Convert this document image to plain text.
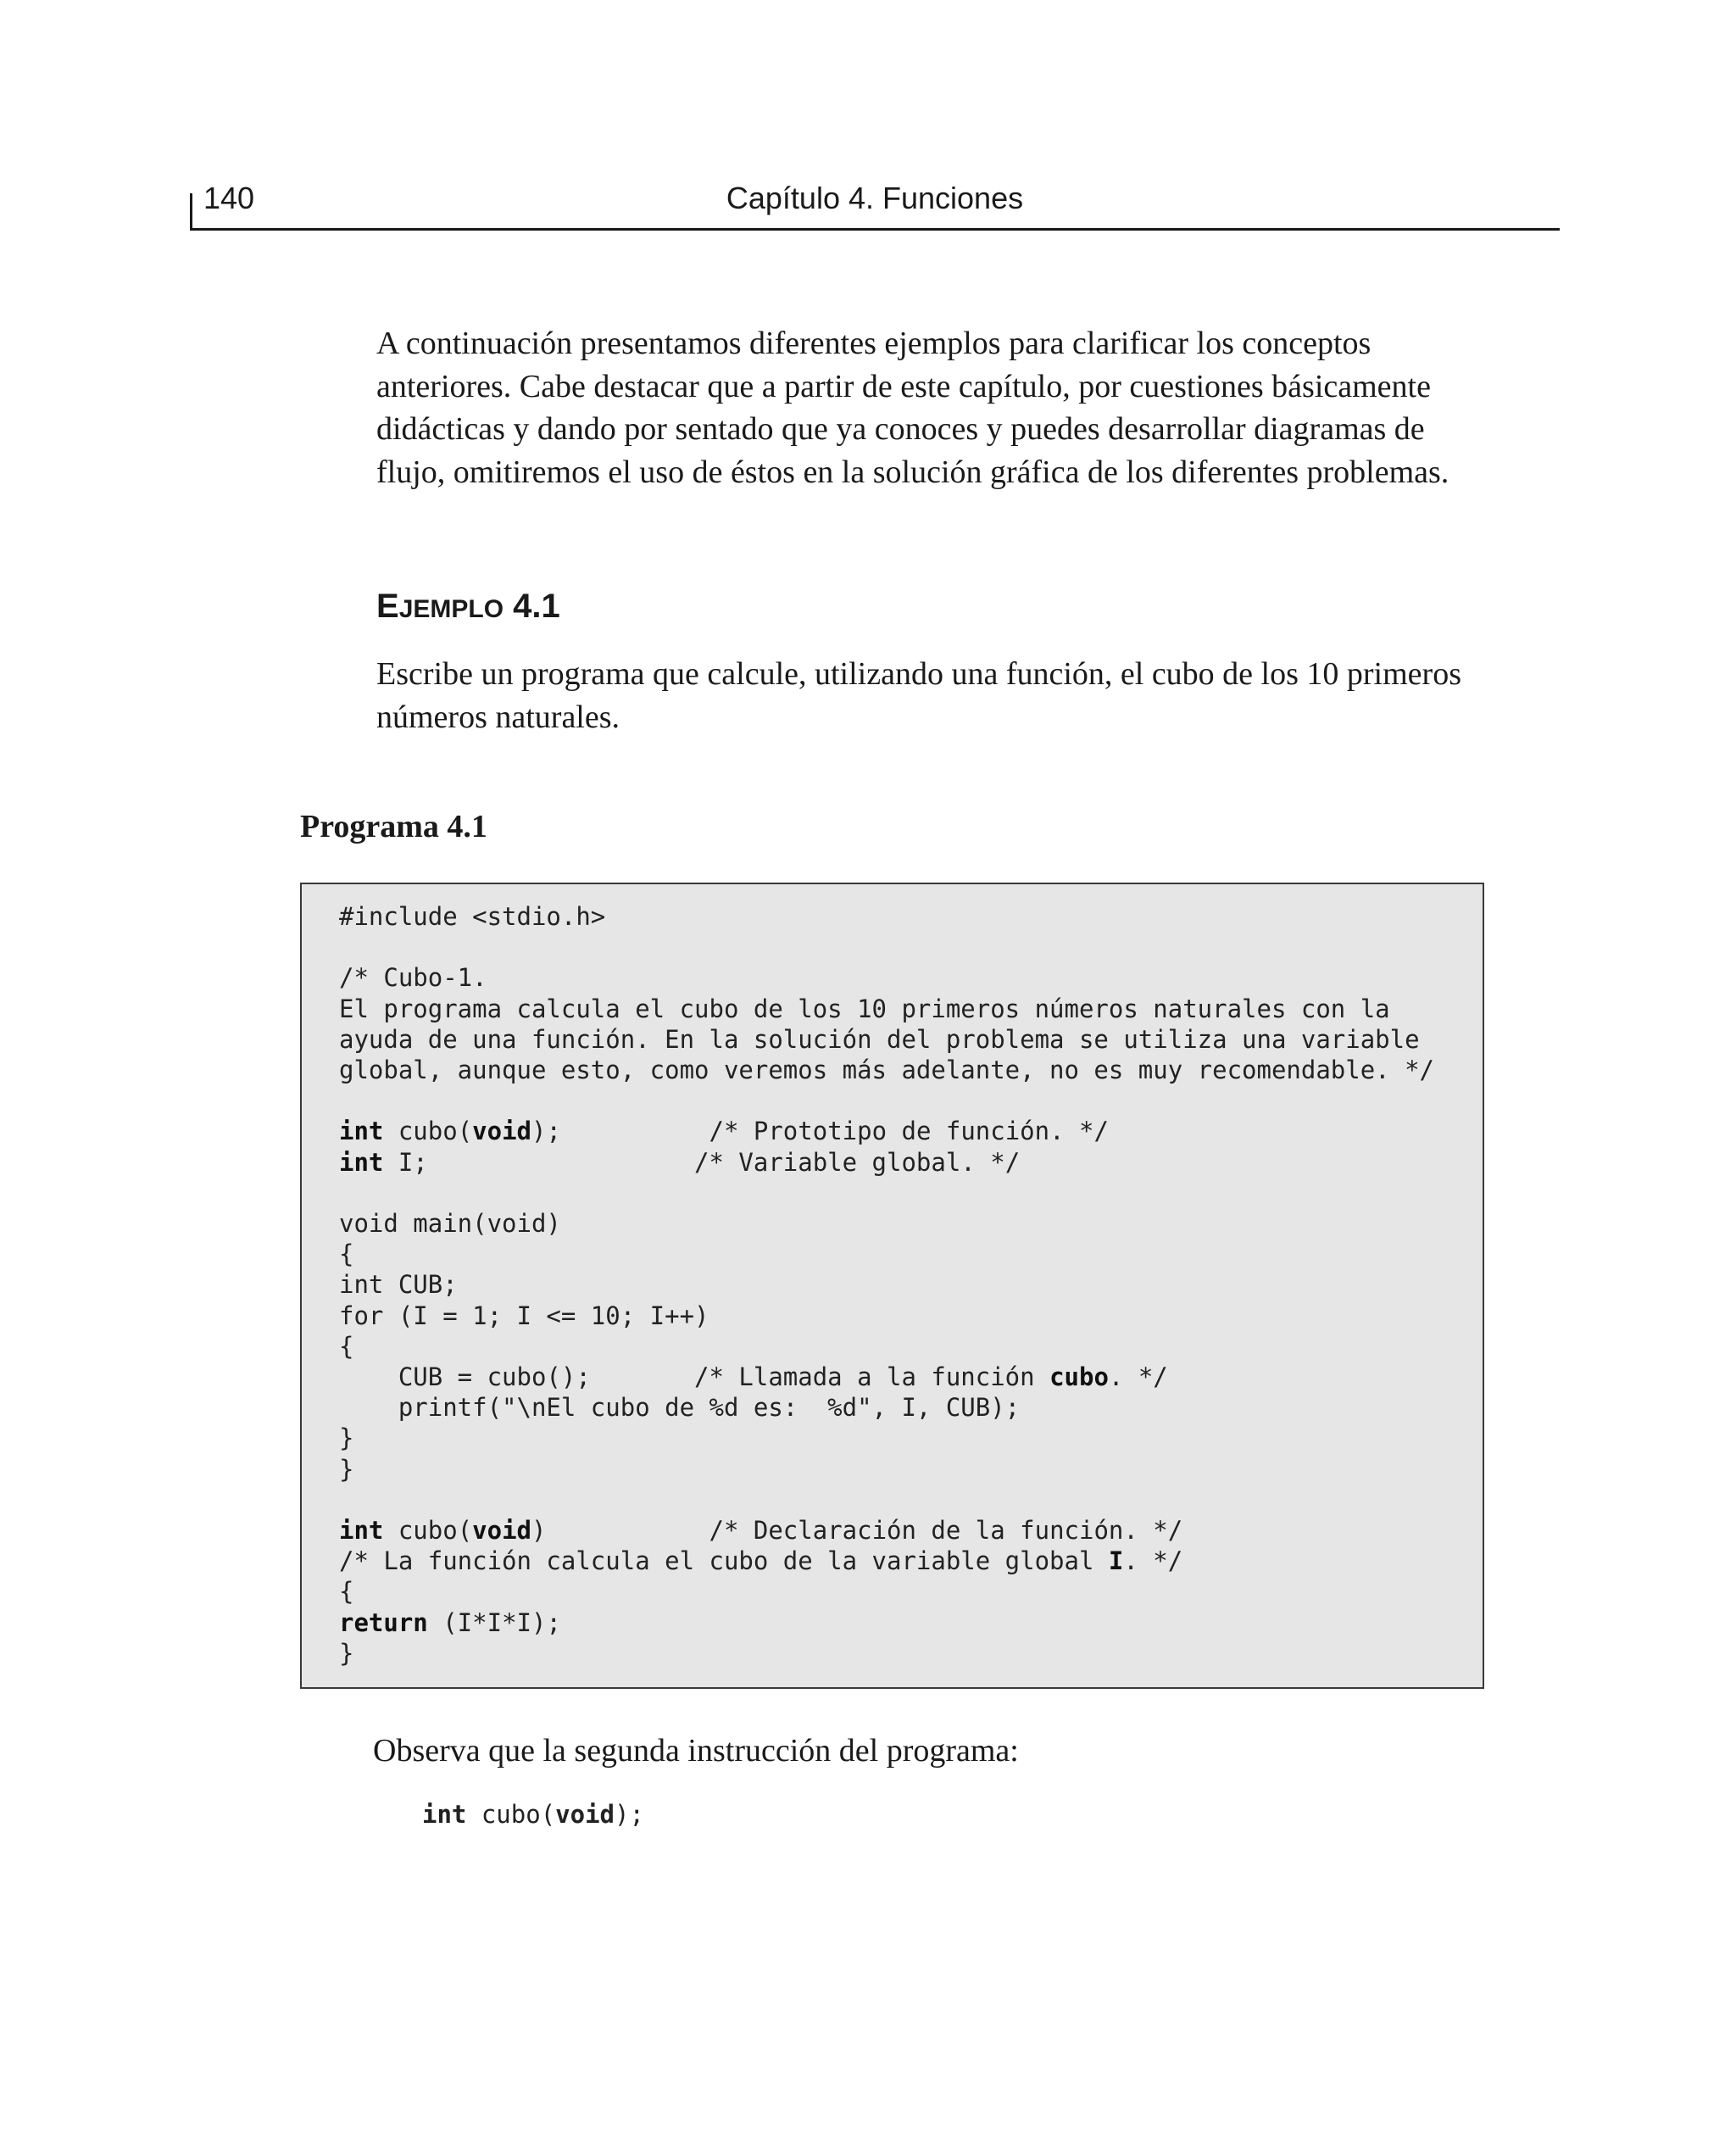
140	Capítulo 4. Funciones

A continuación presentamos diferentes ejemplos para clarificar los conceptos anteriores. Cabe destacar que a partir de este capítulo, por cuestiones básicamente didácticas y dando por sentado que ya conoces y puedes desarrollar diagramas de flujo, omitiremos el uso de éstos en la solución gráfica de los diferentes problemas.

EJEMPLO 4.1

Escribe un programa que calcule, utilizando una función, el cubo de los 10 primeros números naturales.

Programa 4.1

#include <stdio.h>

/* Cubo-1.
El programa calcula el cubo de los 10 primeros números naturales con la
ayuda de una función. En la solución del problema se utiliza una variable
global, aunque esto, como veremos más adelante, no es muy recomendable. */

int cubo(void);          /* Prototipo de función. */
int I;                  /* Variable global. */

void main(void)
{
int CUB;
for (I = 1; I <= 10; I++)
{
CUB = cubo();       /* Llamada a la función cubo. */
printf("\nEl cubo de %d es:  %d", I, CUB);
}
}

int cubo(void)           /* Declaración de la función. */
/* La función calcula el cubo de la variable global I. */
{
return (I*I*I);
}

Observa que la segunda instrucción del programa:

int cubo(void);
